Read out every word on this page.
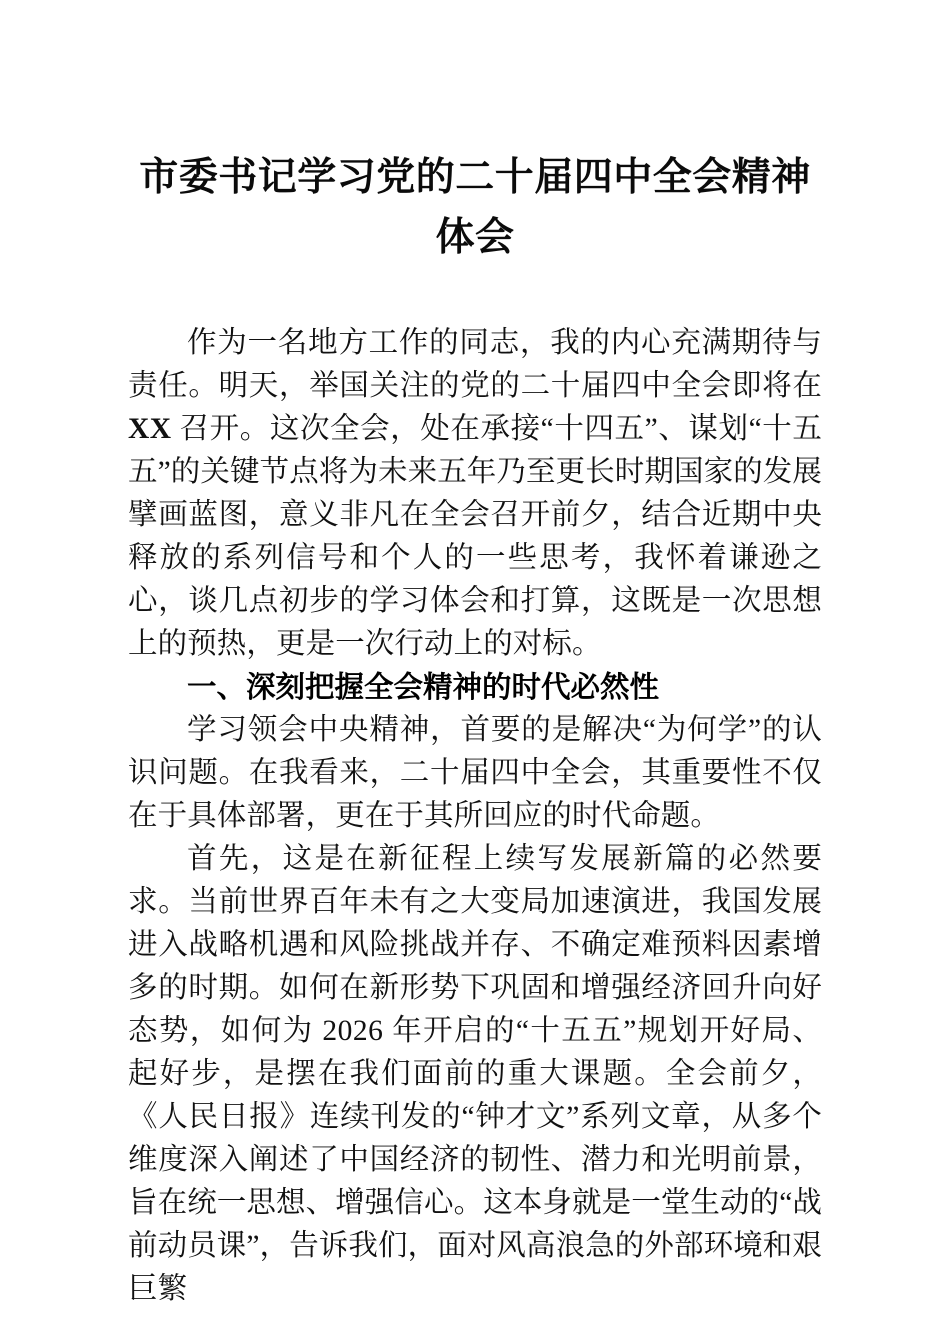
市委书记学习党的二十届四中全会精神体会

作为一名地方工作的同志，我的内心充满期待与责任。明天，举国关注的党的二十届四中全会即将在 XX 召开。这次全会，处在承接“十四五”、谋划“十五五”的关键节点将为未来五年乃至更长时期国家的发展擘画蓝图，意义非凡在全会召开前夕，结合近期中央释放的系列信号和个人的一些思考，我怀着谦逊之心，谈几点初步的学习体会和打算，这既是一次思想上的预热，更是一次行动上的对标。

一、深刻把握全会精神的时代必然性

学习领会中央精神，首要的是解决“为何学”的认识问题。在我看来，二十届四中全会，其重要性不仅在于具体部署，更在于其所回应的时代命题。

首先，这是在新征程上续写发展新篇的必然要求。当前世界百年未有之大变局加速演进，我国发展进入战略机遇和风险挑战并存、不确定难预料因素增多的时期。如何在新形势下巩固和增强经济回升向好态势，如何为 2026 年开启的“十五五”规划开好局、起好步，是摆在我们面前的重大课题。全会前夕，《人民日报》连续刊发的“钟才文”系列文章，从多个维度深入阐述了中国经济的韧性、潜力和光明前景，旨在统一思想、增强信心。这本身就是一堂生动的“战前动员课”，告诉我们，面对风高浪急的外部环境和艰巨繁
